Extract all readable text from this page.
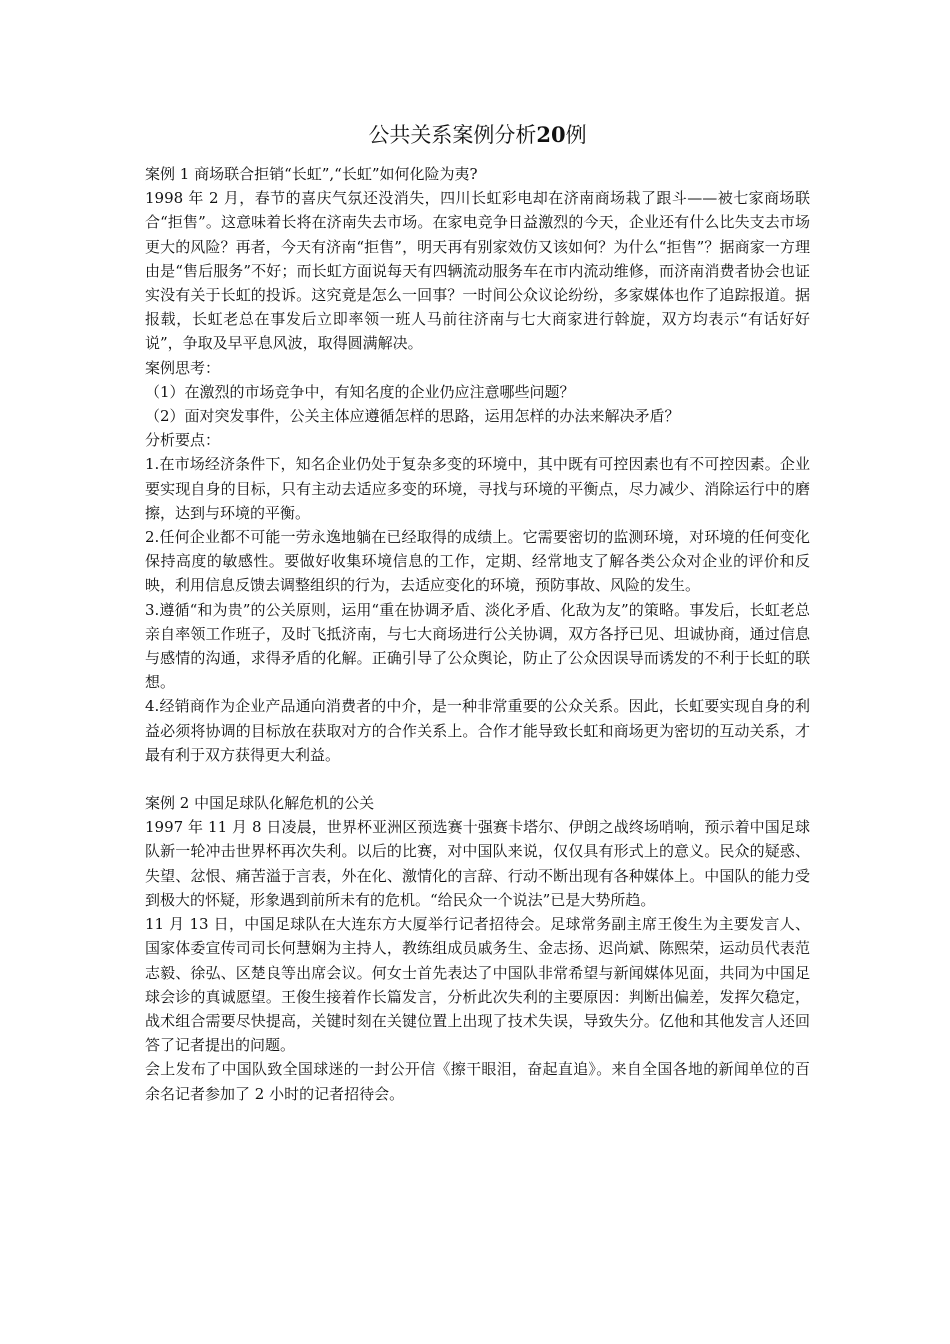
公共关系案例分析20例

案例 1 商场联合拒销“长虹”,“长虹”如何化险为夷?

1998 年 2 月，春节的喜庆气氛还没消失，四川长虹彩电却在济南商场栽了跟斗——被七家商场联合“拒售”。这意味着长将在济南失去市场。在家电竞争日益激烈的今天，企业还有什么比失支去市场更大的风险？再者，今天有济南“拒售”，明天再有别家效仿又该如何？为什么“拒售”？据商家一方理由是“售后服务”不好；而长虹方面说每天有四辆流动服务车在市内流动维修，而济南消费者协会也证实没有关于长虹的投诉。这究竟是怎么一回事？一时间公众议论纷纷，多家媒体也作了追踪报道。据报载，长虹老总在事发后立即率领一班人马前往济南与七大商家进行斡旋，双方均表示“有话好好说”，争取及早平息风波，取得圆满解决。

案例思考：

（1）在激烈的市场竞争中，有知名度的企业仍应注意哪些问题？

（2）面对突发事件，公关主体应遵循怎样的思路，运用怎样的办法来解决矛盾？

分析要点：

1.在市场经济条件下，知名企业仍处于复杂多变的环境中，其中既有可控因素也有不可控因素。企业要实现自身的目标，只有主动去适应多变的环境，寻找与环境的平衡点，尽力减少、消除运行中的磨擦，达到与环境的平衡。

2.任何企业都不可能一劳永逸地躺在已经取得的成绩上。它需要密切的监测环境，对环境的任何变化保持高度的敏感性。要做好收集环境信息的工作，定期、经常地支了解各类公众对企业的评价和反映，利用信息反馈去调整组织的行为，去适应变化的环境，预防事故、风险的发生。

3.遵循“和为贵”的公关原则，运用“重在协调矛盾、淡化矛盾、化敌为友”的策略。事发后，长虹老总亲自率领工作班子，及时飞抵济南，与七大商场进行公关协调，双方各抒已见、坦诚协商，通过信息与感情的沟通，求得矛盾的化解。正确引导了公众舆论，防止了公众因误导而诱发的不利于长虹的联想。

4.经销商作为企业产品通向消费者的中介，是一种非常重要的公众关系。因此，长虹要实现自身的利益必须将协调的目标放在获取对方的合作关系上。合作才能导致长虹和商场更为密切的互动关系，才最有利于双方获得更大利益。

案例 2 中国足球队化解危机的公关

1997 年 11 月 8 日凌晨，世界杯亚洲区预选赛十强赛卡塔尔、伊朗之战终场哨响，预示着中国足球队新一轮冲击世界杯再次失利。以后的比赛，对中国队来说，仅仅具有形式上的意义。民众的疑惑、失望、忿恨、痛苦溢于言表，外在化、激情化的言辞、行动不断出现有各种媒体上。中国队的能力受到极大的怀疑，形象遇到前所未有的危机。“给民众一个说法”已是大势所趋。

11 月 13 日，中国足球队在大连东方大厦举行记者招待会。足球常务副主席王俊生为主要发言人、国家体委宣传司司长何慧娴为主持人，教练组成员戚务生、金志扬、迟尚斌、陈熙荣，运动员代表范志毅、徐弘、区楚良等出席会议。何女士首先表达了中国队非常希望与新闻媒体见面，共同为中国足球会诊的真诚愿望。王俊生接着作长篇发言，分析此次失利的主要原因：判断出偏差，发挥欠稳定，战术组合需要尽快提高，关键时刻在关键位置上出现了技术失误，导致失分。亿他和其他发言人还回答了记者提出的问题。

会上发布了中国队致全国球迷的一封公开信《擦干眼泪，奋起直追》。来自全国各地的新闻单位的百余名记者参加了 2 小时的记者招待会。
